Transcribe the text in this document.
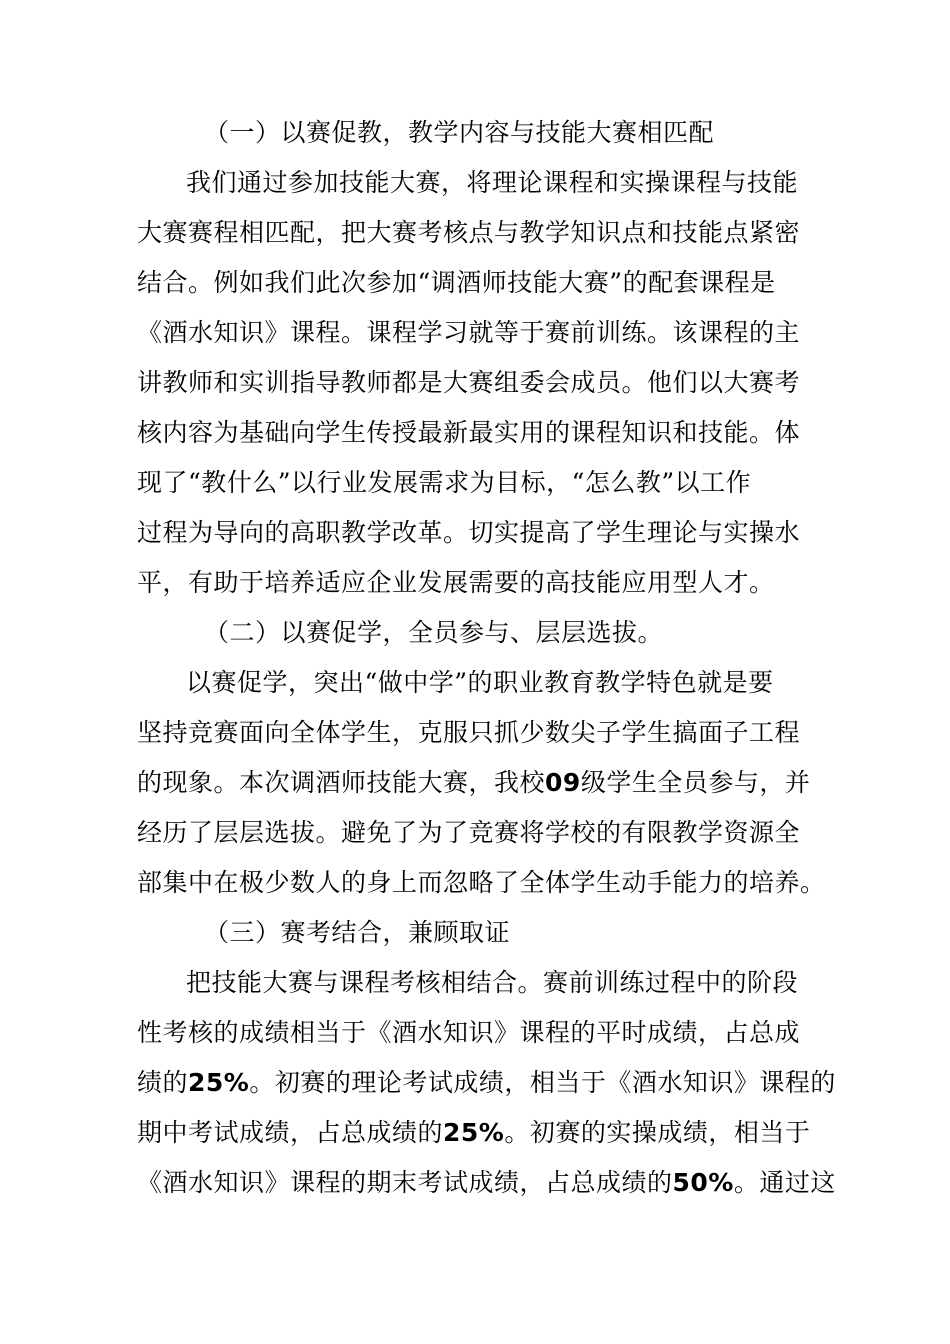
（一）以赛促教，教学内容与技能大赛相匹配
我们通过参加技能大赛，将理论课程和实操课程与技能
大赛赛程相匹配，把大赛考核点与教学知识点和技能点紧密
结合。例如我们此次参加“调酒师技能大赛”的配套课程是
《酒水知识》课程。课程学习就等于赛前训练。该课程的主
讲教师和实训指导教师都是大赛组委会成员。他们以大赛考
核内容为基础向学生传授最新最实用的课程知识和技能。体
现了“教什么”以行业发展需求为目标，“怎么教”以工作
过程为导向的高职教学改革。切实提高了学生理论与实操水
平，有助于培养适应企业发展需要的高技能应用型人才。
（二）以赛促学，全员参与、层层选拔。
以赛促学，突出“做中学”的职业教育教学特色就是要
坚持竞赛面向全体学生，克服只抓少数尖子学生搞面子工程
的现象。本次调酒师技能大赛，我校09级学生全员参与，并
经历了层层选拔。避免了为了竞赛将学校的有限教学资源全
部集中在极少数人的身上而忽略了全体学生动手能力的培养。
（三）赛考结合，兼顾取证
把技能大赛与课程考核相结合。赛前训练过程中的阶段
性考核的成绩相当于《酒水知识》课程的平时成绩，占总成
绩的25%。初赛的理论考试成绩，相当于《酒水知识》课程的
期中考试成绩，占总成绩的25%。初赛的实操成绩，相当于
《酒水知识》课程的期末考试成绩，占总成绩的50%。通过这
